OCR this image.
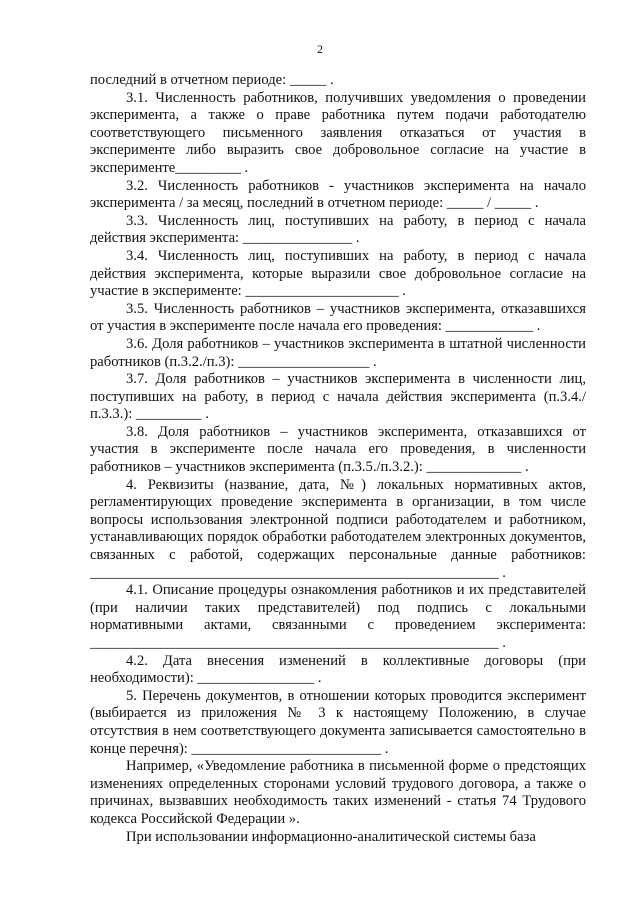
2

последний в отчетном периоде: _____ .

3.1. Численность работников, получивших уведомления о проведении эксперимента, а также о праве работника путем подачи работодателю соответствующего письменного заявления отказаться от участия в эксперименте либо выразить свое добровольное согласие на участие в эксперименте_________ .

3.2. Численность работников - участников эксперимента на начало эксперимента / за месяц, последний в отчетном периоде: _____ / _____ .

3.3. Численность лиц, поступивших на работу, в период с начала действия эксперимента: _______________ .

3.4. Численность лиц, поступивших на работу, в период с начала действия эксперимента, которые выразили свое добровольное согласие на участие в эксперименте: _____________________ .

3.5. Численность работников – участников эксперимента, отказавшихся от участия в эксперименте после начала его проведения: ____________ .

3.6. Доля работников – участников эксперимента в штатной численности работников (п.3.2./п.3): __________________ .

3.7. Доля работников – участников эксперимента в численности лиц, поступивших на работу, в период с начала действия эксперимента (п.3.4./п.3.3.): _________ .

3.8. Доля работников – участников эксперимента, отказавшихся от участия в эксперименте после начала его проведения, в численности работников – участников эксперимента (п.3.5./п.3.2.): _____________ .

4. Реквизиты (название, дата, №) локальных нормативных актов, регламентирующих проведение эксперимента в организации, в том числе вопросы использования электронной подписи работодателем и работником, устанавливающих порядок обработки работодателем электронных документов, связанных с работой, содержащих персональные данные работников: ________________________________________________________ .

4.1. Описание процедуры ознакомления работников и их представителей (при наличии таких представителей) под подпись с локальными нормативными актами, связанными с проведением эксперимента: ________________________________________________________ .

4.2. Дата внесения изменений в коллективные договоры (при необходимости): ________________ .

5. Перечень документов, в отношении которых проводится эксперимент (выбирается из приложения № 3 к настоящему Положению, в случае отсутствия в нем соответствующего документа записывается самостоятельно в конце перечня): __________________________ .

Например, «Уведомление работника в письменной форме о предстоящих изменениях определенных сторонами условий трудового договора, а также о причинах, вызвавших необходимость таких изменений - статья 74 Трудового кодекса Российской Федерации ».

При использовании информационно-аналитической системы база
